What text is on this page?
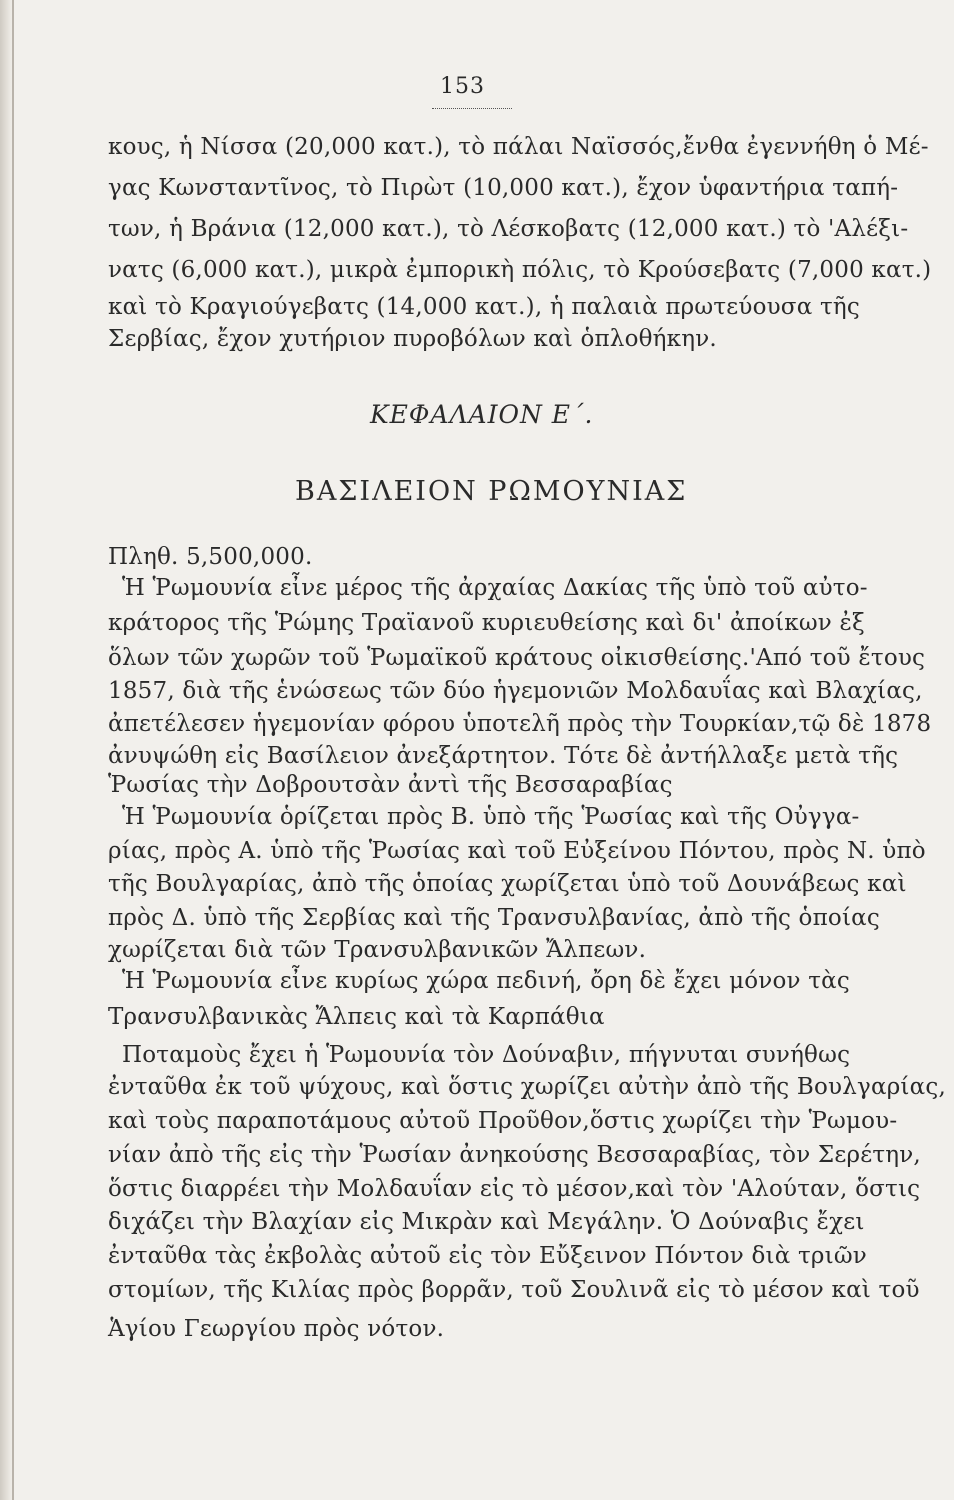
153
κους, ἡ Νίσσα (20,000 κατ.), τὸ πάλαι Ναϊσσός,ἔνθα ἐγεννήθη ὁ Μέ-
γας Κωνσταντῖνος, τὸ Πιρὼτ (10,000 κατ.), ἔχον ὑφαντήρια ταπή-
των, ἡ Βράνια (12,000 κατ.), τὸ Λέσκοβατς (12,000 κατ.) τὸ 'Αλέξι-
νατς (6,000 κατ.), μικρὰ ἐμπορικὴ πόλις, τὸ Κρούσεβατς (7,000 κατ.)
καὶ τὸ Κραγιούγεβατς (14,000 κατ.), ἡ παλαιὰ πρωτεύουσα τῆς
Σερβίας, ἔχον χυτήριον πυροβόλων καὶ ὁπλοθήκην.
ΚΕΦΑΛΑΙΟΝ Ε΄.
ΒΑΣΙΛΕΙΟΝ ΡΩΜΟΥΝΙΑΣ
Πληθ. 5,500,000.
Ἡ Ῥωμουνία εἶνε μέρος τῆς ἀρχαίας Δακίας τῆς ὑπὸ τοῦ αὐτο-
κράτορος τῆς Ῥώμης Τραϊανοῦ κυριευθείσης καὶ δι' ἀποίκων ἐξ
ὅλων τῶν χωρῶν τοῦ Ῥωμαϊκοῦ κράτους οἰκισθείσης.'Από τοῦ ἔτους
1857, διὰ τῆς ἑνώσεως τῶν δύο ἡγεμονιῶν Μολδαυΐας καὶ Βλαχίας,
ἀπετέλεσεν ἡγεμονίαν φόρου ὑποτελῆ πρὸς τὴν Τουρκίαν,τῷ δὲ 1878
ἀνυψώθη εἰς Βασίλειον ἀνεξάρτητον. Τότε δὲ ἀντήλλαξε μετὰ τῆς
Ῥωσίας τὴν Δοβρουτσὰν ἀντὶ τῆς Βεσσαραβίας
Ἡ Ῥωμουνία ὁρίζεται πρὸς Β. ὑπὸ τῆς Ῥωσίας καὶ τῆς Οὐγγα-
ρίας, πρὸς Α. ὑπὸ τῆς Ῥωσίας καὶ τοῦ Εὐξείνου Πόντου, πρὸς Ν. ὑπὸ
τῆς Βουλγαρίας, ἀπὸ τῆς ὁποίας χωρίζεται ὑπὸ τοῦ Δουνάβεως καὶ
πρὸς Δ. ὑπὸ τῆς Σερβίας καὶ τῆς Τρανσυλβανίας, ἀπὸ τῆς ὁποίας
χωρίζεται διὰ τῶν Τρανσυλβανικῶν Ἄλπεων.
Ἡ Ῥωμουνία εἶνε κυρίως χώρα πεδινή, ὄρη δὲ ἔχει μόνον τὰς
Τρανσυλβανικὰς Ἄλπεις καὶ τὰ Καρπάθια
Ποταμοὺς ἔχει ἡ Ῥωμουνία τὸν Δούναβιν, πήγνυται συνήθως
ἐνταῦθα ἐκ τοῦ ψύχους, καὶ ὅστις χωρίζει αὐτὴν ἀπὸ τῆς Βουλγαρίας,
καὶ τοὺς παραποτάμους αὐτοῦ Προῦθον,ὅστις χωρίζει τὴν Ῥωμου-
νίαν ἀπὸ τῆς εἰς τὴν Ῥωσίαν ἀνηκούσης Βεσσαραβίας, τὸν Σερέτην,
ὅστις διαρρέει τὴν Μολδαυΐαν εἰς τὸ μέσον,καὶ τὸν 'Αλούταν, ὅστις
διχάζει τὴν Βλαχίαν εἰς Μικρὰν καὶ Μεγάλην. Ὁ Δούναβις ἔχει
ἐνταῦθα τὰς ἐκβολὰς αὐτοῦ εἰς τὸν Εὔξεινον Πόντον διὰ τριῶν
στομίων, τῆς Κιλίας πρὸς βορρᾶν, τοῦ Σουλινᾶ εἰς τὸ μέσον καὶ τοῦ
Ἁγίου Γεωργίου πρὸς νότον.
